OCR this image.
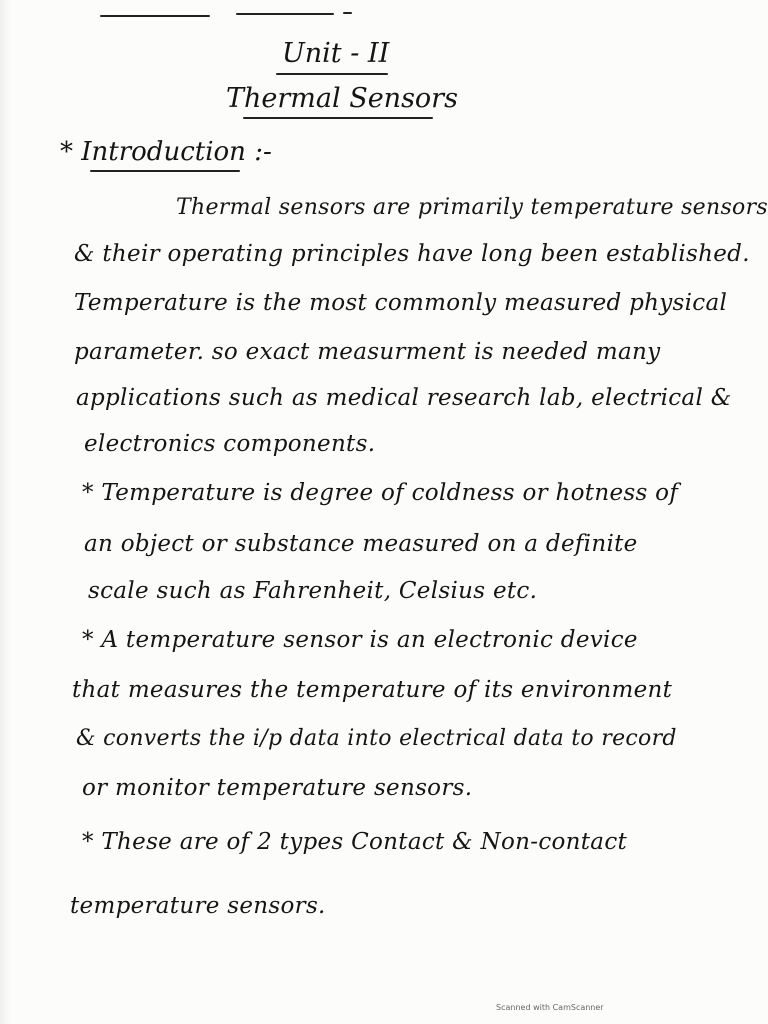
Unit - II
Thermal Sensors
* Introduction :-
Thermal sensors are primarily temperature sensors
& their operating principles have long been established.
Temperature is the most commonly measured physical
parameter. so exact measurment is needed many
applications such as medical research lab, electrical &
electronics components.
* Temperature is degree of coldness or hotness of
an object or substance measured on a definite
scale such as Fahrenheit, Celsius etc.
* A temperature sensor is an electronic device
that measures the temperature of its environment
& converts the i/p data into electrical data to record
or monitor temperature sensors.
* These are of 2 types Contact & Non-contact
temperature sensors.
Scanned with CamScanner
